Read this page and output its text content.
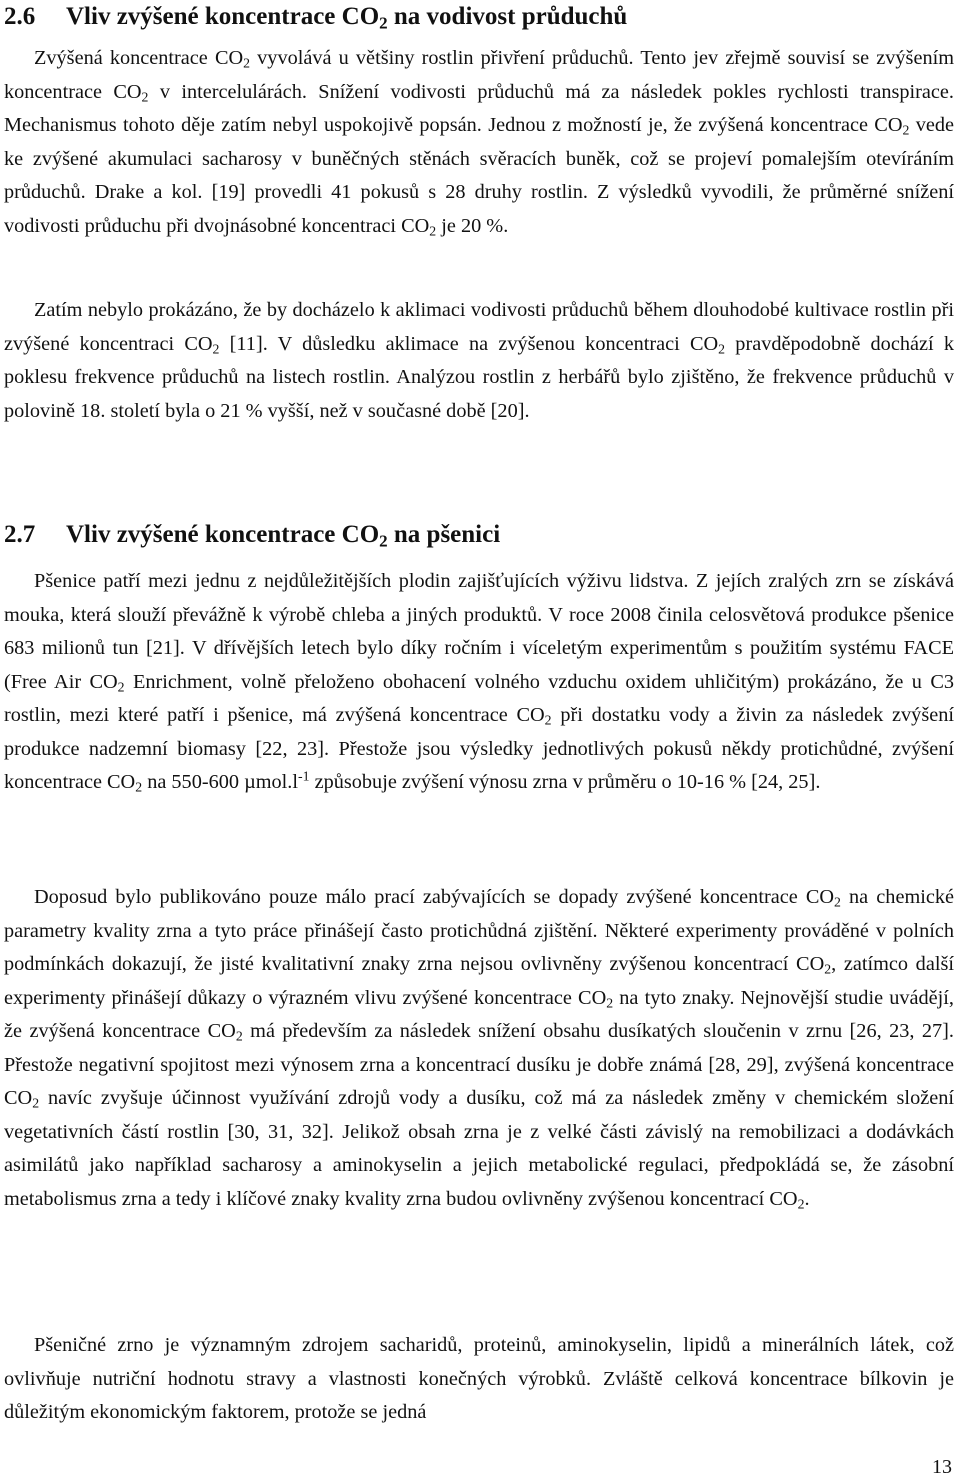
2.6 Vliv zvýšené koncentrace $CO_2$ na vodivost průduchů
Zvýšená koncentrace $CO_2$ vyvolává u většiny rostlin přivření průduchů. Tento jev zřejmě souvisí se zvýšením koncentrace $CO_2$ v intercelulárách. Snížení vodivosti průduchů má za následek pokles rychlosti transpirace. Mechanismus tohoto děje zatím nebyl uspokojivě popsán. Jednou z možností je, že zvýšená koncentrace $CO_2$ vede ke zvýšené akumulaci sacharosy v buněčných stěnách svěracích buněk, což se projeví pomalejším otevíráním průduchů. Drake a kol. [19] provedli 41 pokusů s 28 druhy rostlin. Z výsledků vyvodili, že průměrné snížení vodivosti průduchu při dvojnásobné koncentraci $CO_2$ je 20 %.
Zatím nebylo prokázáno, že by docházelo k aklimaci vodivosti průduchů během dlouhodobé kultivace rostlin při zvýšené koncentraci $CO_2$ [11]. V důsledku aklimace na zvýšenou koncentraci $CO_2$ pravděpodobně dochází k poklesu frekvence průduchů na listech rostlin. Analýzou rostlin z herbářů bylo zjištěno, že frekvence průduchů v polovině 18. století byla o 21 % vyšší, než v současné době [20].
2.7 Vliv zvýšené koncentrace $CO_2$ na pšenici
Pšenice patří mezi jednu z nejdůležitějších plodin zajišťujících výživu lidstva. Z jejích zralých zrn se získává mouka, která slouží převážně k výrobě chleba a jiných produktů. V roce 2008 činila celosvětová produkce pšenice 683 milionů tun [21]. V dřívějších letech bylo díky ročním i víceletým experimentům s použitím systému FACE (Free Air $CO_2$ Enrichment, volně přeloženo obohacení volného vzduchu oxidem uhličitým) prokázáno, že u C3 rostlin, mezi které patří i pšenice, má zvýšená koncentrace $CO_2$ při dostatku vody a živin za následek zvýšení produkce nadzemní biomasy [22, 23]. Přestože jsou výsledky jednotlivých pokusů někdy protichůdné, zvýšení koncentrace $CO_2$ na 550-600 $\mu mol.l^{-1}$ způsobuje zvýšení výnosu zrna v průměru o 10-16 % [24, 25].
Doposud bylo publikováno pouze málo prací zabývajících se dopady zvýšené koncentrace $CO_2$ na chemické parametry kvality zrna a tyto práce přinášejí často protichůdná zjištění. Některé experimenty prováděné v polních podmínkách dokazují, že jisté kvalitativní znaky zrna nejsou ovlivněny zvýšenou koncentrací $CO_2$, zatímco další experimenty přinášejí důkazy o výrazném vlivu zvýšené koncentrace $CO_2$ na tyto znaky. Nejnovější studie uvádějí, že zvýšená koncentrace $CO_2$ má především za následek snížení obsahu dusíkatých sloučenin v zrnu [26, 23, 27]. Přestože negativní spojitost mezi výnosem zrna a koncentrací dusíku je dobře známá [28, 29], zvýšená koncentrace $CO_2$ navíc zvyšuje účinnost využívání zdrojů vody a dusíku, což má za následek změny v chemickém složení vegetativních částí rostlin [30, 31, 32]. Jelikož obsah zrna je z velké části závislý na remobilizaci a dodávkách asimilátů jako například sacharosy a aminokyselin a jejich metabolické regulaci, předpokládá se, že zásobní metabolismus zrna a tedy i klíčové znaky kvality zrna budou ovlivněny zvýšenou koncentrací $CO_2$.
Pšeničné zrno je významným zdrojem sacharidů, proteinů, aminokyselin, lipidů a minerálních látek, což ovlivňuje nutriční hodnotu stravy a vlastnosti konečných výrobků. Zvláště celková koncentrace bílkovin je důležitým ekonomickým faktorem, protože se jedná
13
